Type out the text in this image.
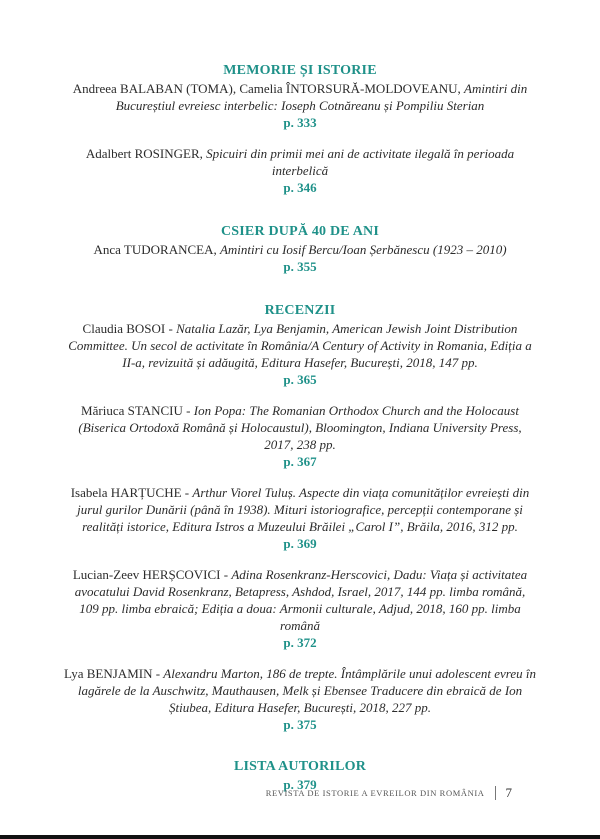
MEMORIE ȘI ISTORIE
Andreea BALABAN (TOMA), Camelia ÎNTORSURĂ-MOLDOVEANU, Amintiri din Bucureștiul evreiesc interbelic: Ioseph Cotnăreanu și Pompiliu Sterian
p. 333
Adalbert ROSINGER, Spicuiri din primii mei ani de activitate ilegală în perioada interbelică
p. 346
CSIER DUPĂ 40 DE ANI
Anca TUDORANCEA, Amintiri cu Iosif Bercu/Ioan Șerbănescu (1923 – 2010)
p. 355
RECENZII
Claudia BOSOI - Natalia Lazăr, Lya Benjamin, American Jewish Joint Distribution Committee. Un secol de activitate în România/A Century of Activity in Romania, Ediția a II-a, revizuită și adăugită, Editura Hasefer, București, 2018, 147 pp.
p. 365
Măriuca STANCIU - Ion Popa: The Romanian Orthodox Church and the Holocaust (Biserica Ortodoxă Română și Holocaustul), Bloomington, Indiana University Press, 2017, 238 pp.
p. 367
Isabela HARȚUCHE - Arthur Viorel Tuluș. Aspecte din viața comunităților evreiești din jurul gurilor Dunării (până în 1938). Mituri istoriografice, percepții contemporane și realități istorice, Editura Istros a Muzeului Brăilei „Carol I”, Brăila, 2016, 312 pp.
p. 369
Lucian-Zeev HERȘCOVICI - Adina Rosenkranz-Herscovici, Dadu: Viața și activitatea avocatului David Rosenkranz, Betapress, Ashdod, Israel, 2017, 144 pp. limba română, 109 pp. limba ebraică; Ediția a doua: Armonii culturale, Adjud, 2018, 160 pp. limba română
p. 372
Lya BENJAMIN - Alexandru Marton, 186 de trepte. Întâmplările unui adolescent evreu în lagărele de la Auschwitz, Mauthausen, Melk și Ebensee Traducere din ebraică de Ion Știubea, Editura Hasefer, București, 2018, 227 pp.
p. 375
LISTA AUTORILOR
p. 379
REVISTA DE ISTORIE A EVREILOR DIN ROMÂNIA 7
